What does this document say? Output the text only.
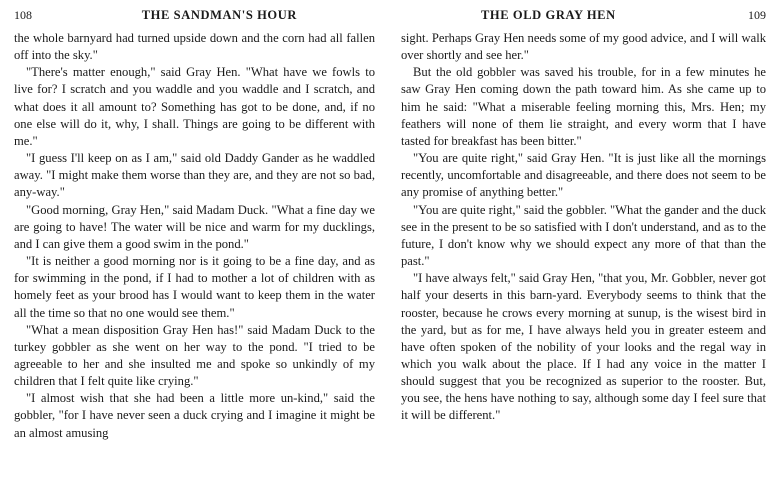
108	THE SANDMAN'S HOUR

the whole barnyard had turned upside down and the corn had all fallen off into the sky."

"There's matter enough," said Gray Hen. "What have we fowls to live for? I scratch and you waddle and you waddle and I scratch, and what does it all amount to? Something has got to be done, and, if no one else will do it, why, I shall. Things are going to be different with me."

"I guess I'll keep on as I am," said old Daddy Gander as he waddled away. "I might make them worse than they are, and they are not so bad, any-way."

"Good morning, Gray Hen," said Madam Duck. "What a fine day we are going to have! The water will be nice and warm for my ducklings, and I can give them a good swim in the pond."

"It is neither a good morning nor is it going to be a fine day, and as for swimming in the pond, if I had to mother a lot of children with as homely feet as your brood has I would want to keep them in the water all the time so that no one would see them."

"What a mean disposition Gray Hen has!" said Madam Duck to the turkey gobbler as she went on her way to the pond. "I tried to be agreeable to her and she insulted me and spoke so unkindly of my children that I felt quite like crying."

"I almost wish that she had been a little more un-kind," said the gobbler, "for I have never seen a duck crying and I imagine it might be an almost amusing

THE OLD GRAY HEN	109

sight. Perhaps Gray Hen needs some of my good advice, and I will walk over shortly and see her."

But the old gobbler was saved his trouble, for in a few minutes he saw Gray Hen coming down the path toward him. As she came up to him he said: "What a miserable feeling morning this, Mrs. Hen; my feathers will none of them lie straight, and every worm that I have tasted for breakfast has been bitter."

"You are quite right," said Gray Hen. "It is just like all the mornings recently, uncomfortable and disagreeable, and there does not seem to be any promise of anything better."

"You are quite right," said the gobbler. "What the gander and the duck see in the present to be so satisfied with I don't understand, and as to the future, I don't know why we should expect any more of that than the past."

"I have always felt," said Gray Hen, "that you, Mr. Gobbler, never got half your deserts in this barn-yard. Everybody seems to think that the rooster, because he crows every morning at sunup, is the wisest bird in the yard, but as for me, I have always held you in greater esteem and have often spoken of the nobility of your looks and the regal way in which you walk about the place. If I had any voice in the matter I should suggest that you be recognized as superior to the rooster. But, you see, the hens have nothing to say, although some day I feel sure that it will be different."
